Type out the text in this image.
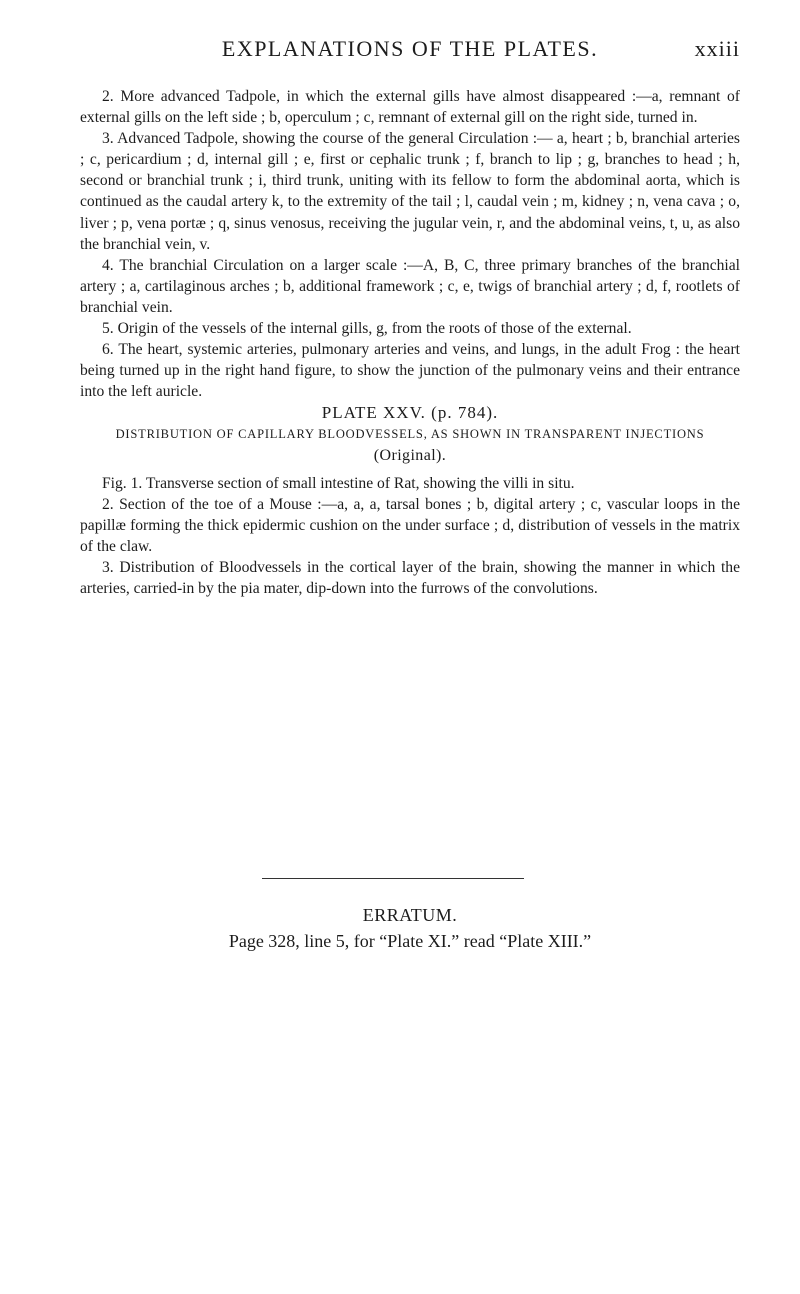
EXPLANATIONS OF THE PLATES.	xxiii

2. More advanced Tadpole, in which the external gills have almost disappeared :—a, remnant of external gills on the left side ; b, operculum ; c, remnant of external gill on the right side, turned in.

3. Advanced Tadpole, showing the course of the general Circulation :— a, heart ; b, branchial arteries ; c, pericardium ; d, internal gill ; e, first or cephalic trunk ; f, branch to lip ; g, branches to head ; h, second or branchial trunk ; i, third trunk, uniting with its fellow to form the abdominal aorta, which is continued as the caudal artery k, to the extremity of the tail ; l, caudal vein ; m, kidney ; n, vena cava ; o, liver ; p, vena portæ ; q, sinus venosus, receiving the jugular vein, r, and the abdominal veins, t, u, as also the branchial vein, v.

4. The branchial Circulation on a larger scale :—A, B, C, three primary branches of the branchial artery ; a, cartilaginous arches ; b, additional framework ; c, e, twigs of branchial artery ; d, f, rootlets of branchial vein.

5. Origin of the vessels of the internal gills, g, from the roots of those of the external.

6. The heart, systemic arteries, pulmonary arteries and veins, and lungs, in the adult Frog : the heart being turned up in the right hand figure, to show the junction of the pulmonary veins and their entrance into the left auricle.

PLATE XXV. (p. 784).

DISTRIBUTION OF CAPILLARY BLOODVESSELS, AS SHOWN IN TRANSPARENT INJECTIONS (Original).

Fig. 1. Transverse section of small intestine of Rat, showing the villi in situ.

2. Section of the toe of a Mouse :—a, a, a, tarsal bones ; b, digital artery ; c, vascular loops in the papillæ forming the thick epidermic cushion on the under surface ; d, distribution of vessels in the matrix of the claw.

3. Distribution of Bloodvessels in the cortical layer of the brain, showing the manner in which the arteries, carried-in by the pia mater, dip-down into the furrows of the convolutions.

ERRATUM.
Page 328, line 5, for “Plate XI.” read “Plate XIII.”
